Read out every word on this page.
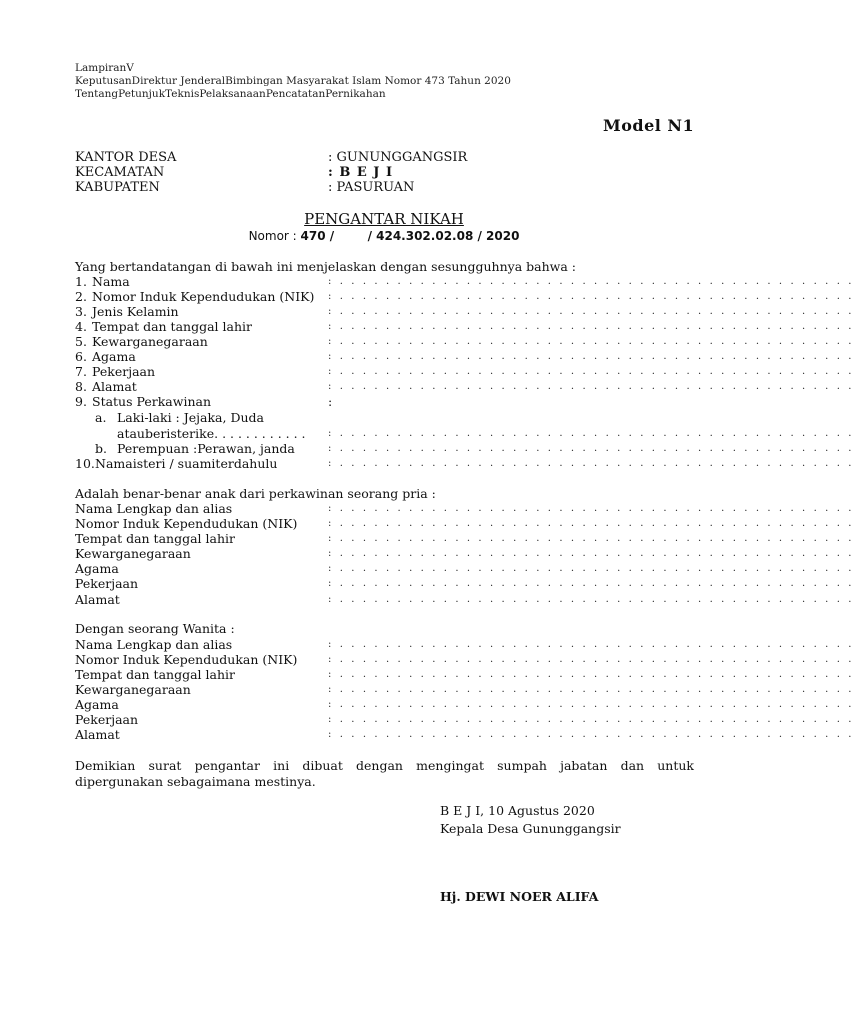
LampiranV
KeputusanDirektur JenderalBimbingan Masyarakat Islam Nomor 473 Tahun 2020
TentangPetunjukTeknisPelaksanaanPencatatanPernikahan
Model N1
KANTOR DESA	: GUNUNGGANGSIR
KECAMATAN	: B E J I
KABUPATEN	: PASURUAN
PENGANTAR NIKAH
Nomor : 470 /        / 424.302.02.08 / 2020
Yang bertandatangan di bawah ini menjelaskan dengan sesungguhnya bahwa :
1. Nama	: . . . . . . . . . . . . . . . . . . . . . . . . . . . . . . . . . . . . . . . . . . . . .
2. Nomor Induk Kependudukan (NIK) : . . . . . . . . . . . . . . . . . . . . . . . . . . . . . . . . . . . . . . . . . . . . .
3. Jenis Kelamin	: . . . . . . . . . . . . . . . . . . . . . . . . . . . . . . . . . . . . . . . . . . . . .
4. Tempat dan tanggal lahir	: . . . . . . . . . . . . . . . . . . . . . . . . . . . . . . . . . . . . . . . . . . . . .
5. Kewarganegaraan	: . . . . . . . . . . . . . . . . . . . . . . . . . . . . . . . . . . . . . . . . . . . . .
6. Agama	: . . . . . . . . . . . . . . . . . . . . . . . . . . . . . . . . . . . . . . . . . . . . .
7. Pekerjaan	: . . . . . . . . . . . . . . . . . . . . . . . . . . . . . . . . . . . . . . . . . . . . .
8. Alamat	: . . . . . . . . . . . . . . . . . . . . . . . . . . . . . . . . . . . . . . . . . . . . .
9. Status Perkawinan	:
a. Laki-laki : Jejaka, Duda
atauberisterike. . . . . . . . . . . . : . . . . . . . . . . . . . . . . . . . . . . . . . . . . . . . . . . . . . . . . . . . . .
b. Perempuan :Perawan, janda	: . . . . . . . . . . . . . . . . . . . . . . . . . . . . . . . . . . . . . . . . . . . . .
10. Namaisteri / suamiterdahulu	: . . . . . . . . . . . . . . . . . . . . . . . . . . . . . . . . . . . . . . . . . . . . .
Adalah benar-benar anak dari perkawinan seorang pria :
Nama Lengkap dan alias	: . . . . . . . . . . . . . . . . . . . . . . . . . . . . . . . . . . . . . . . . . . . . .
Nomor Induk Kependudukan (NIK)	: . . . . . . . . . . . . . . . . . . . . . . . . . . . . . . . . . . . . . . . . . . . . .
Tempat dan tanggal lahir	: . . . . . . . . . . . . . . . . . . . . . . . . . . . . . . . . . . . . . . . . . . . . .
Kewarganegaraan	: . . . . . . . . . . . . . . . . . . . . . . . . . . . . . . . . . . . . . . . . . . . . .
Agama	: . . . . . . . . . . . . . . . . . . . . . . . . . . . . . . . . . . . . . . . . . . . . .
Pekerjaan	: . . . . . . . . . . . . . . . . . . . . . . . . . . . . . . . . . . . . . . . . . . . . .
Alamat	: . . . . . . . . . . . . . . . . . . . . . . . . . . . . . . . . . . . . . . . . . . . . .
Dengan seorang Wanita :
Nama Lengkap dan alias	: . . . . . . . . . . . . . . . . . . . . . . . . . . . . . . . . . . . . . . . . . . . . .
Nomor Induk Kependudukan (NIK)	: . . . . . . . . . . . . . . . . . . . . . . . . . . . . . . . . . . . . . . . . . . . . .
Tempat dan tanggal lahir	: . . . . . . . . . . . . . . . . . . . . . . . . . . . . . . . . . . . . . . . . . . . . .
Kewarganegaraan	: . . . . . . . . . . . . . . . . . . . . . . . . . . . . . . . . . . . . . . . . . . . . .
Agama	: . . . . . . . . . . . . . . . . . . . . . . . . . . . . . . . . . . . . . . . . . . . . .
Pekerjaan	: . . . . . . . . . . . . . . . . . . . . . . . . . . . . . . . . . . . . . . . . . . . . .
Alamat	: . . . . . . . . . . . . . . . . . . . . . . . . . . . . . . . . . . . . . . . . . . . . .
Demikian surat pengantar ini dibuat dengan mengingat sumpah jabatan dan untuk dipergunakan sebagaimana mestinya.
B E J I, 10 Agustus 2020
Kepala Desa Gununggangsir
Hj. DEWI NOER ALIFA
